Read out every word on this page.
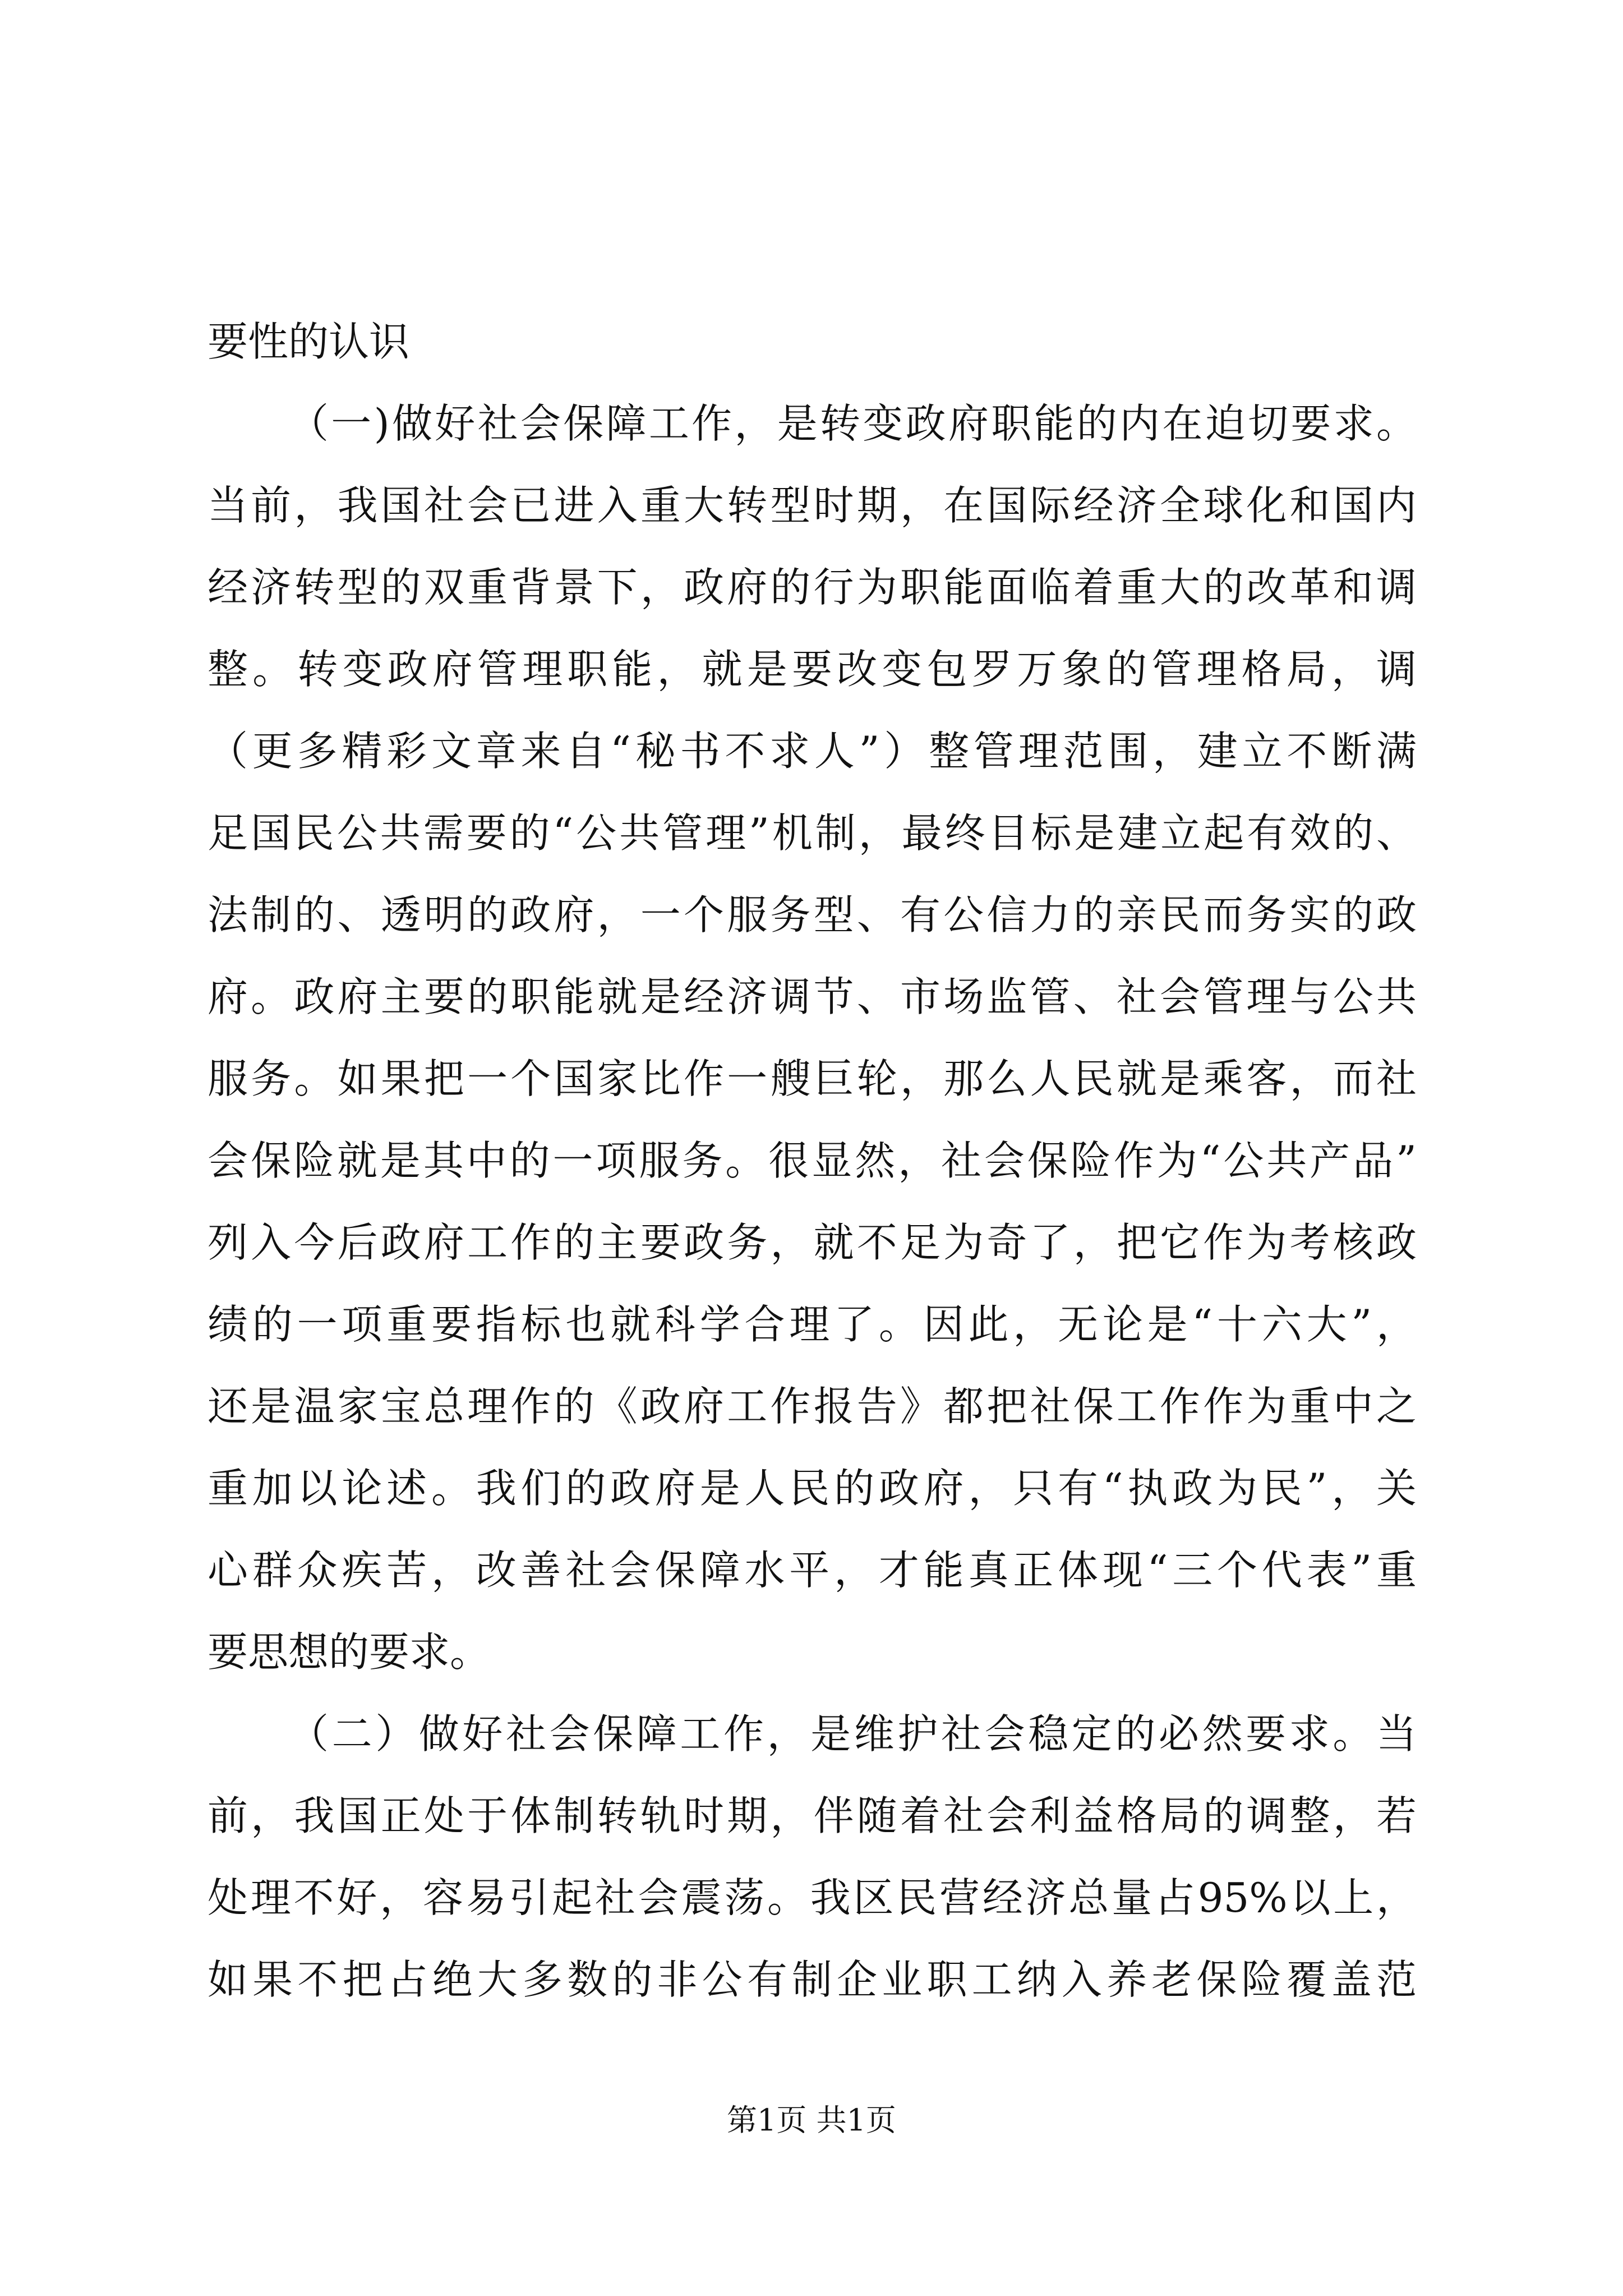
要性的认识
（一)做好社会保障工作，是转变政府职能的内在迫切要求。
当前，我国社会已进入重大转型时期，在国际经济全球化和国内
经济转型的双重背景下，政府的行为职能面临着重大的改革和调
整。转变政府管理职能，就是要改变包罗万象的管理格局，调
（更多精彩文章来自“秘书不求人”）整管理范围，建立不断满
足国民公共需要的“公共管理”机制，最终目标是建立起有效的、
法制的、透明的政府，一个服务型、有公信力的亲民而务实的政
府。政府主要的职能就是经济调节、市场监管、社会管理与公共
服务。如果把一个国家比作一艘巨轮，那么人民就是乘客，而社
会保险就是其中的一项服务。很显然，社会保险作为“公共产品”
列入今后政府工作的主要政务，就不足为奇了，把它作为考核政
绩的一项重要指标也就科学合理了。因此，无论是“十六大”，
还是温家宝总理作的《政府工作报告》都把社保工作作为重中之
重加以论述。我们的政府是人民的政府，只有“执政为民”，关
心群众疾苦，改善社会保障水平，才能真正体现“三个代表”重
要思想的要求。
（二）做好社会保障工作，是维护社会稳定的必然要求。当
前，我国正处于体制转轨时期，伴随着社会利益格局的调整，若
处理不好，容易引起社会震荡。我区民营经济总量占95%以上，
如果不把占绝大多数的非公有制企业职工纳入养老保险覆盖范
第1页 共1页
